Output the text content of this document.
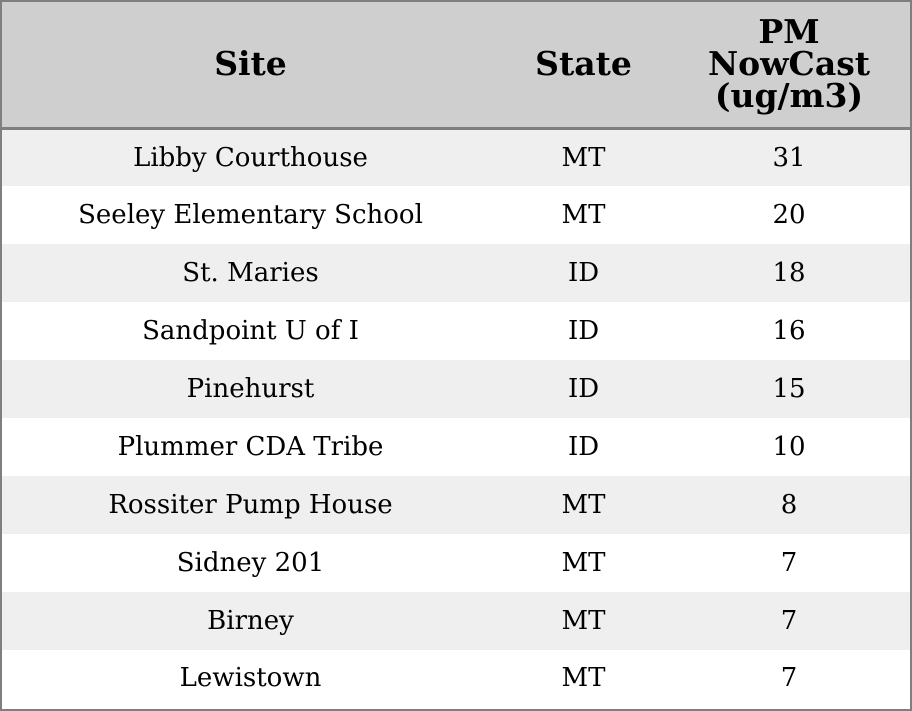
Site	State	PM
NowCast
(ug/m3)

Libby Courthouse	MT	31
Seeley Elementary School	MT	20
St. Maries	ID	18
Sandpoint U of I	ID	16
Pinehurst	ID	15
Plummer CDA Tribe	ID	10
Rossiter Pump House	MT	8
Sidney 201	MT	7
Birney	MT	7
Lewistown	MT	7
